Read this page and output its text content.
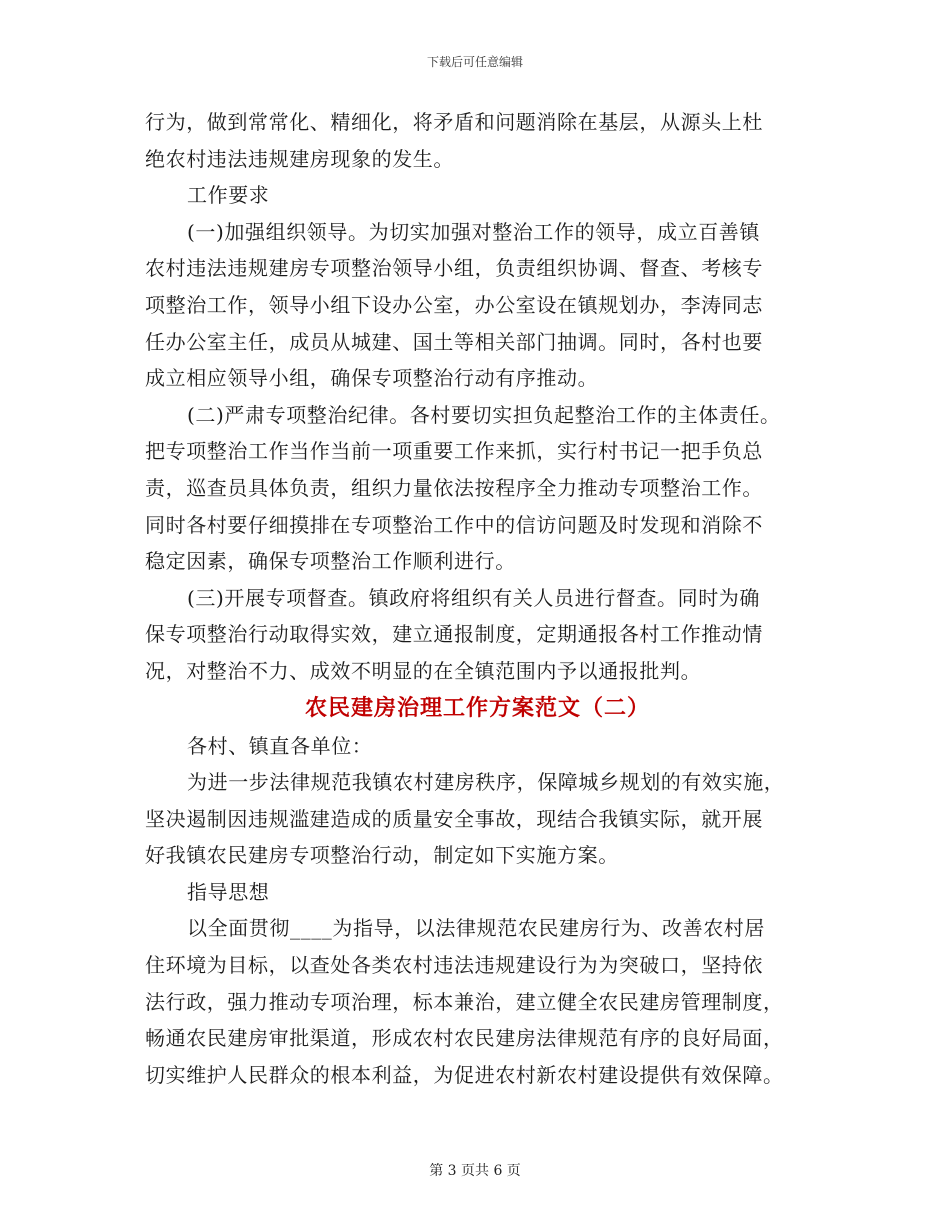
下载后可任意编辑
行为，做到常常化、精细化，将矛盾和问题消除在基层，从源头上杜
绝农村违法违规建房现象的发生。
工作要求
(一)加强组织领导。为切实加强对整治工作的领导，成立百善镇
农村违法违规建房专项整治领导小组，负责组织协调、督查、考核专
项整治工作，领导小组下设办公室，办公室设在镇规划办，李涛同志
任办公室主任，成员从城建、国土等相关部门抽调。同时，各村也要
成立相应领导小组，确保专项整治行动有序推动。
(二)严肃专项整治纪律。各村要切实担负起整治工作的主体责任。
把专项整治工作当作当前一项重要工作来抓，实行村书记一把手负总
责，巡查员具体负责，组织力量依法按程序全力推动专项整治工作。
同时各村要仔细摸排在专项整治工作中的信访问题及时发现和消除不
稳定因素，确保专项整治工作顺利进行。
(三)开展专项督查。镇政府将组织有关人员进行督查。同时为确
保专项整治行动取得实效，建立通报制度，定期通报各村工作推动情
况，对整治不力、成效不明显的在全镇范围内予以通报批判。
农民建房治理工作方案范文（二）
各村、镇直各单位：
为进一步法律规范我镇农村建房秩序，保障城乡规划的有效实施，
坚决遏制因违规滥建造成的质量安全事故，现结合我镇实际，就开展
好我镇农民建房专项整治行动，制定如下实施方案。
指导思想
以全面贯彻____为指导，以法律规范农民建房行为、改善农村居
住环境为目标，以查处各类农村违法违规建设行为为突破口，坚持依
法行政，强力推动专项治理，标本兼治，建立健全农民建房管理制度，
畅通农民建房审批渠道，形成农村农民建房法律规范有序的良好局面，
切实维护人民群众的根本利益，为促进农村新农村建设提供有效保障。
第 3 页共 6 页
